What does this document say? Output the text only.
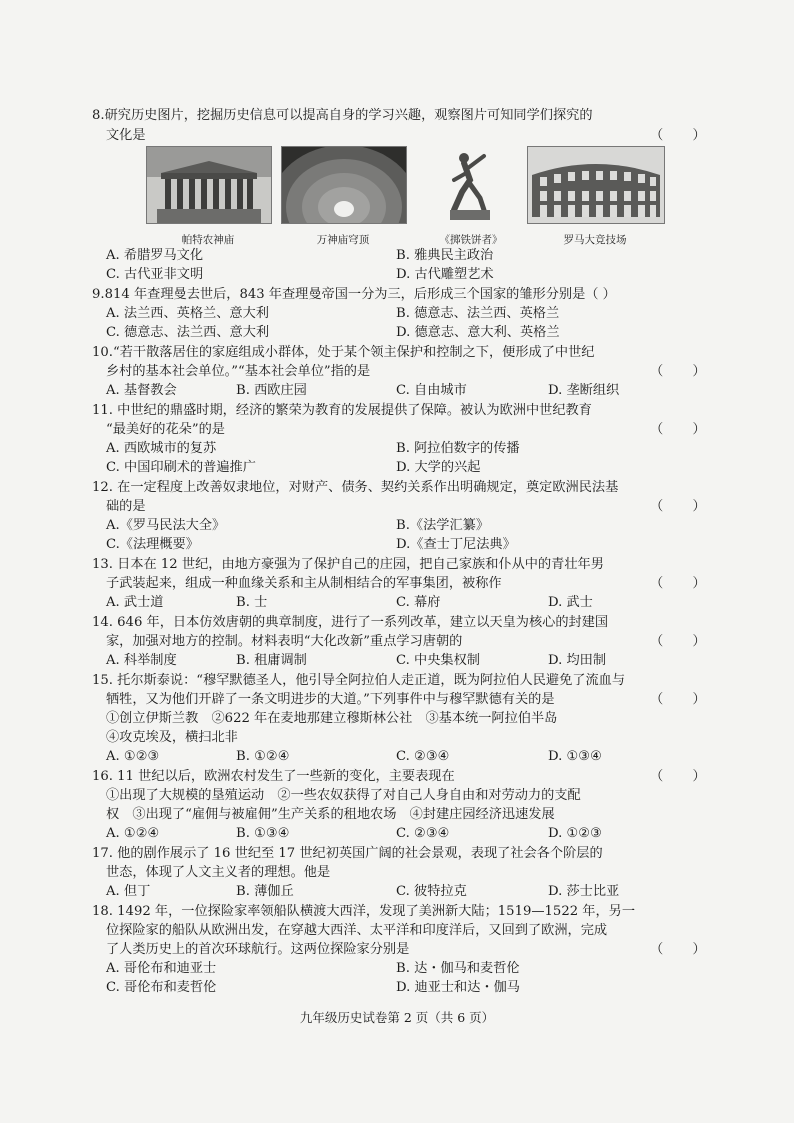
8.研究历史图片，挖掘历史信息可以提高自身的学习兴趣，观察图片可知同学们探究的
文化是	（       ）
帕特农神庙	万神庙穹顶	《掷铁饼者》	罗马大竞技场
A. 希腊罗马文化	B. 雅典民主政治
C. 古代亚非文明	D. 古代雕塑艺术
9.814 年查理曼去世后，843 年查理曼帝国一分为三，后形成三个国家的雏形分别是（ ）
A. 法兰西、英格兰、意大利	B. 德意志、法兰西、英格兰
C. 德意志、法兰西、意大利	D. 德意志、意大利、英格兰
10.“若干散落居住的家庭组成小群体，处于某个领主保护和控制之下，便形成了中世纪
乡村的基本社会单位。”“基本社会单位”指的是	（       ）
A. 基督教会	B. 西欧庄园	C. 自由城市	D. 垄断组织
11. 中世纪的鼎盛时期，经济的繁荣为教育的发展提供了保障。被认为欧洲中世纪教育
“最美好的花朵”的是	（       ）
A. 西欧城市的复苏	B. 阿拉伯数字的传播
C. 中国印刷术的普遍推广	D. 大学的兴起
12. 在一定程度上改善奴隶地位，对财产、债务、契约关系作出明确规定，奠定欧洲民法基
础的是	（       ）
A.《罗马民法大全》	B.《法学汇纂》
C.《法理概要》	D.《查士丁尼法典》
13. 日本在 12 世纪，由地方豪强为了保护自己的庄园，把自己家族和仆从中的青壮年男
子武装起来，组成一种血缘关系和主从制相结合的军事集团，被称作	（       ）
A. 武士道	B. 士	C. 幕府	D. 武士
14. 646 年，日本仿效唐朝的典章制度，进行了一系列改革，建立以天皇为核心的封建国
家，加强对地方的控制。材料表明“大化改新”重点学习唐朝的	（       ）
A. 科举制度	B. 租庸调制	C. 中央集权制	D. 均田制
15. 托尔斯泰说：“穆罕默德圣人，他引导全阿拉伯人走正道，既为阿拉伯人民避免了流血与
牺牲，又为他们开辟了一条文明进步的大道。”下列事件中与穆罕默德有关的是	（       ）
①创立伊斯兰教　②622 年在麦地那建立穆斯林公社　③基本统一阿拉伯半岛
④攻克埃及，横扫北非
A. ①②③	B. ①②④	C. ②③④	D. ①③④
16. 11 世纪以后，欧洲农村发生了一些新的变化，主要表现在	（       ）
①出现了大规模的垦殖运动　②一些农奴获得了对自己人身自由和对劳动力的支配
权　③出现了“雇佣与被雇佣”生产关系的租地农场　④封建庄园经济迅速发展
A. ①②④	B. ①③④	C. ②③④	D. ①②③
17. 他的剧作展示了 16 世纪至 17 世纪初英国广阔的社会景观，表现了社会各个阶层的
世态，体现了人文主义者的理想。他是
A. 但丁	B. 薄伽丘	C. 彼特拉克	D. 莎士比亚
18. 1492 年，一位探险家率领船队横渡大西洋，发现了美洲新大陆；1519—1522 年，另一
位探险家的船队从欧洲出发，在穿越大西洋、太平洋和印度洋后，又回到了欧洲，完成
了人类历史上的首次环球航行。这两位探险家分别是	（       ）
A. 哥伦布和迪亚士	B. 达・伽马和麦哲伦
C. 哥伦布和麦哲伦	D. 迪亚士和达・伽马
九年级历史试卷第 2 页（共 6 页）
